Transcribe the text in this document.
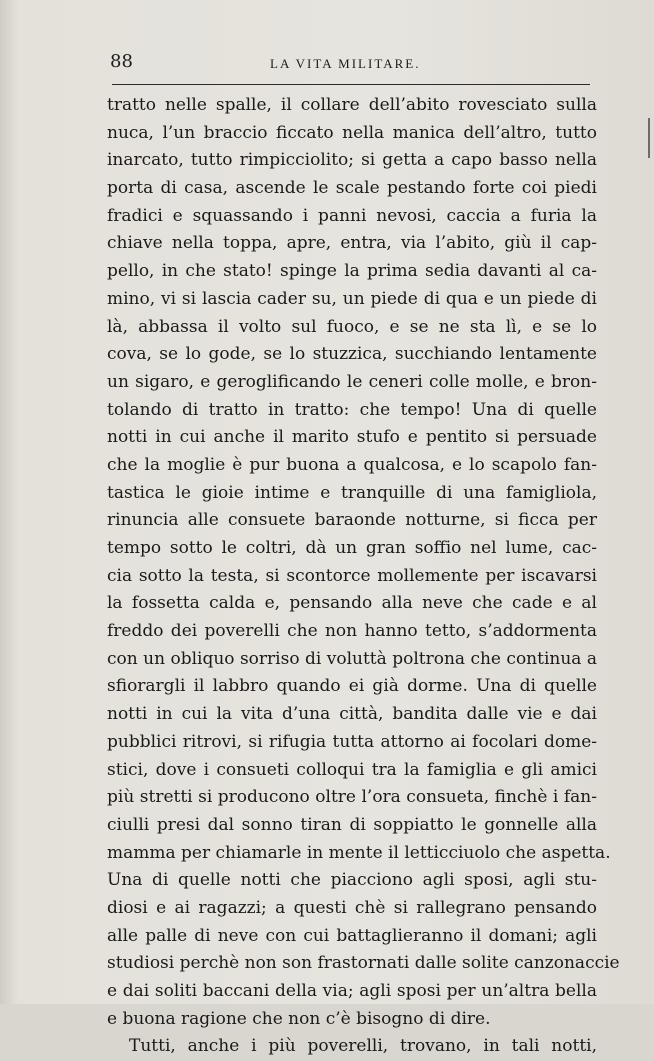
88	LA VITA MILITARE.
tratto nelle spalle, il collare dell’abito rovesciato sulla
nuca, l’un braccio ficcato nella manica dell’altro, tutto
inarcato, tutto rimpicciolito; si getta a capo basso nella
porta di casa, ascende le scale pestando forte coi piedi
fradici e squassando i panni nevosi, caccia a furia la
chiave nella toppa, apre, entra, via l’abito, giù il cap-
pello, in che stato! spinge la prima sedia davanti al ca-
mino, vi si lascia cader su, un piede di qua e un piede di
là, abbassa il volto sul fuoco, e se ne sta lì, e se lo
cova, se lo gode, se lo stuzzica, succhiando lentamente
un sigaro, e geroglificando le ceneri colle molle, e bron-
tolando di tratto in tratto: che tempo! Una di quelle
notti in cui anche il marito stufo e pentito si persuade
che la moglie è pur buona a qualcosa, e lo scapolo fan-
tastica le gioie intime e tranquille di una famigliola,
rinuncia alle consuete baraonde notturne, si ficca per
tempo sotto le coltri, dà un gran soffio nel lume, cac-
cia sotto la testa, si scontorce mollemente per iscavarsi
la fossetta calda e, pensando alla neve che cade e al
freddo dei poverelli che non hanno tetto, s’addormenta
con un obliquo sorriso di voluttà poltrona che continua a
sfiorargli il labbro quando ei già dorme. Una di quelle
notti in cui la vita d’una città, bandita dalle vie e dai
pubblici ritrovi, si rifugia tutta attorno ai focolari dome-
stici, dove i consueti colloqui tra la famiglia e gli amici
più stretti si producono oltre l’ora consueta, finchè i fan-
ciulli presi dal sonno tiran di soppiatto le gonnelle alla
mamma per chiamarle in mente il letticciuolo che aspetta.
Una di quelle notti che piacciono agli sposi, agli stu-
diosi e ai ragazzi; a questi chè si rallegrano pensando
alle palle di neve con cui battaglieranno il domani; agli
studiosi perchè non son frastornati dalle solite canzonaccie
e dai soliti baccani della via; agli sposi per un’altra bella
e buona ragione che non c’è bisogno di dire.
Tutti, anche i più poverelli, trovano, in tali notti,
